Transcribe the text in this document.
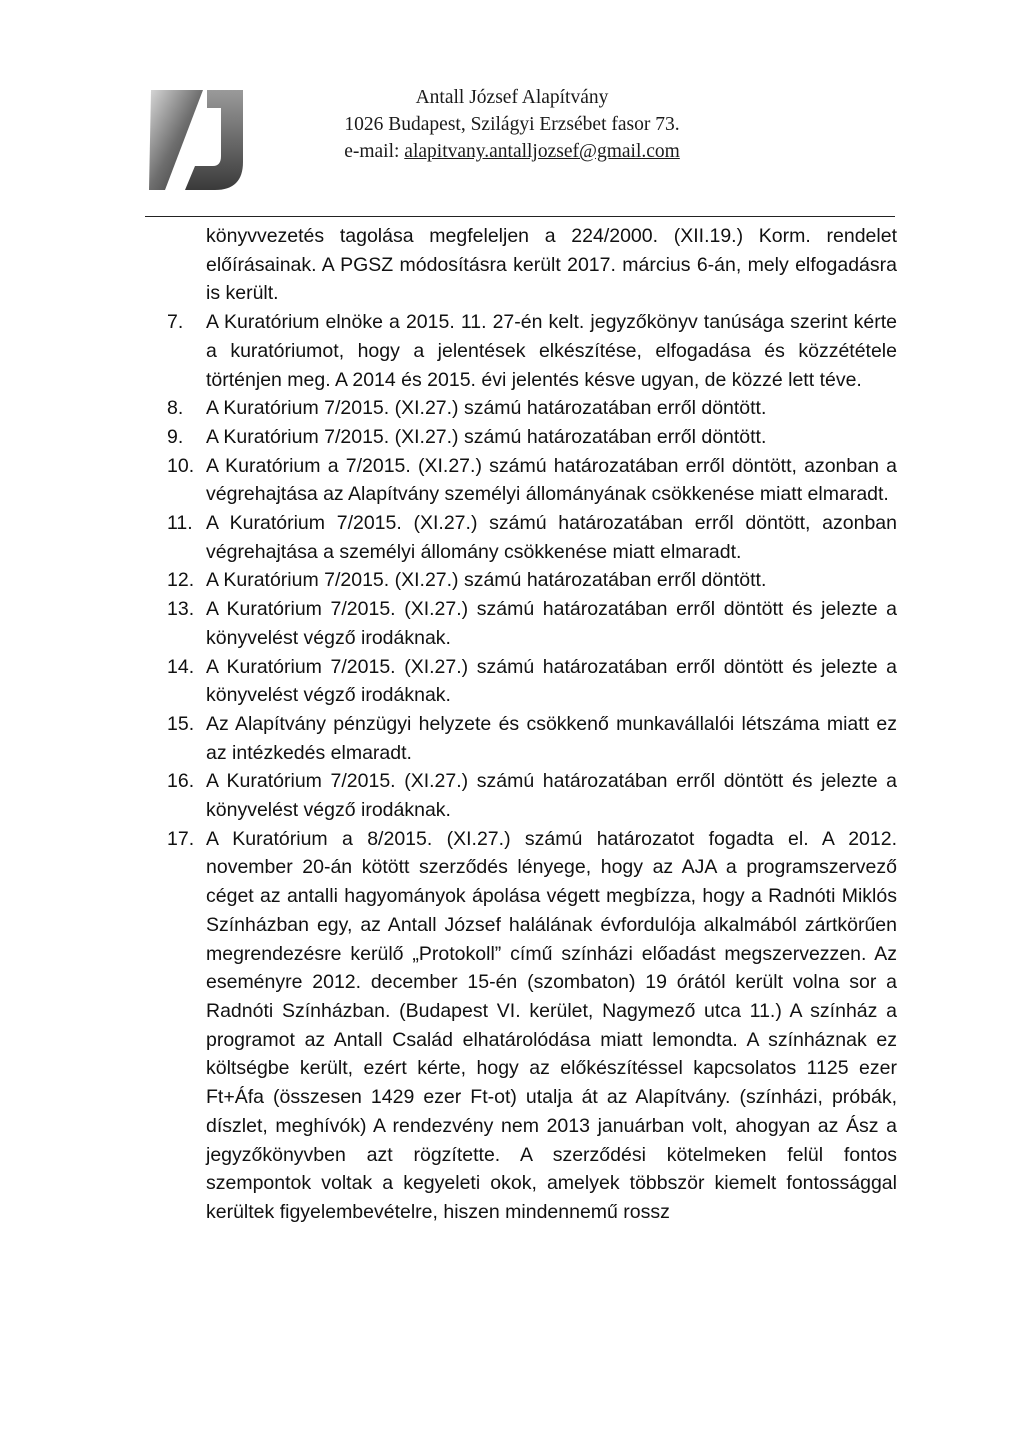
Antall József Alapítvány
1026 Budapest, Szilágyi Erzsébet fasor 73.
e-mail: alapitvany.antalljozsef@gmail.com
könyvvezetés tagolása megfeleljen a 224/2000. (XII.19.) Korm. rendelet előírásainak. A PGSZ módosításra került 2017. március 6-án, mely elfogadásra is került.
7.	A Kuratórium elnöke a 2015. 11. 27-én kelt. jegyzőkönyv tanúsága szerint kérte a kuratóriumot, hogy a jelentések elkészítése, elfogadása és közzététele történjen meg. A 2014 és 2015. évi jelentés késve ugyan, de közzé lett téve.
8.	A Kuratórium 7/2015. (XI.27.) számú határozatában erről döntött.
9.	A Kuratórium 7/2015. (XI.27.) számú határozatában erről döntött.
10. A Kuratórium a 7/2015. (XI.27.) számú határozatában erről döntött, azonban a végrehajtása az Alapítvány személyi állományának csökkenése miatt elmaradt.
11. A Kuratórium 7/2015. (XI.27.) számú határozatában erről döntött, azonban végrehajtása a személyi állomány csökkenése miatt elmaradt.
12. A Kuratórium 7/2015. (XI.27.) számú határozatában erről döntött.
13. A Kuratórium 7/2015. (XI.27.) számú határozatában erről döntött és jelezte a könyvelést végző irodáknak.
14. A Kuratórium 7/2015. (XI.27.) számú határozatában erről döntött és jelezte a könyvelést végző irodáknak.
15. Az Alapítvány pénzügyi helyzete és csökkenő munkavállalói létszáma miatt ez az intézkedés elmaradt.
16. A Kuratórium 7/2015. (XI.27.) számú határozatában erről döntött és jelezte a könyvelést végző irodáknak.
17. A Kuratórium a 8/2015. (XI.27.) számú határozatot fogadta el. A 2012. november 20-án kötött szerződés lényege, hogy az AJA a programszervező céget az antalli hagyományok ápolása végett megbízza, hogy a Radnóti Miklós Színházban egy, az Antall József halálának évfordulója alkalmából zártkörűen megrendezésre kerülő „Protokoll” című színházi előadást megszervezzen. Az eseményre 2012. december 15-én (szombaton) 19 órától került volna sor a Radnóti Színházban. (Budapest VI. kerület, Nagymező utca 11.) A színház a programot az Antall Család elhatárolódása miatt lemondta. A színháznak ez költségbe került, ezért kérte, hogy az előkészítéssel kapcsolatos 1125 ezer Ft+Áfa (összesen 1429 ezer Ft-ot) utalja át az Alapítvány. (színházi, próbák, díszlet, meghívók) A rendezvény nem 2013 januárban volt, ahogyan az Ász a jegyzőkönyvben azt rögzítette. A szerződési kötelmeken felül fontos szempontok voltak a kegyeleti okok, amelyek többször kiemelt fontossággal kerültek figyelembevételre, hiszen mindennemű rossz
